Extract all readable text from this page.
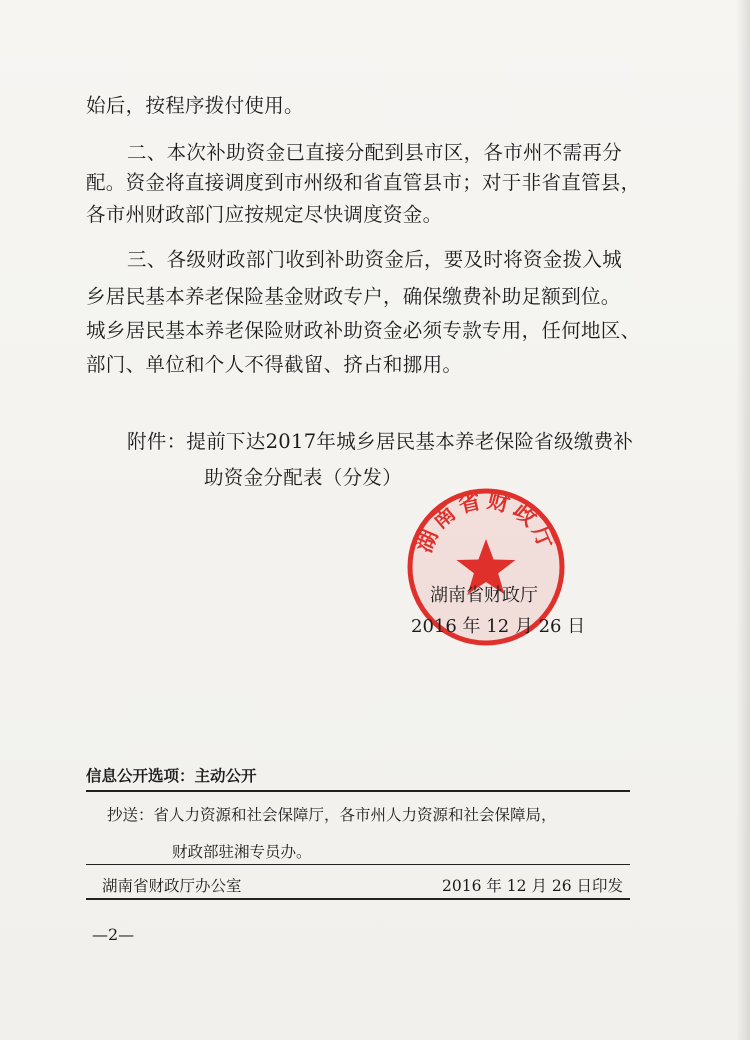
始后，按程序拨付使用。
二、本次补助资金已直接分配到县市区，各市州不需再分
配。资金将直接调度到市州级和省直管县市；对于非省直管县，
各市州财政部门应按规定尽快调度资金。
三、各级财政部门收到补助资金后，要及时将资金拨入城
乡居民基本养老保险基金财政专户，确保缴费补助足额到位。
城乡居民基本养老保险财政补助资金必须专款专用，任何地区、
部门、单位和个人不得截留、挤占和挪用。
附件：提前下达2017年城乡居民基本养老保险省级缴费补
助资金分配表（分发）
湖南省财政厅
湖南省财政厅
2016 年 12 月 26 日
信息公开选项：主动公开
抄送：省人力资源和社会保障厅，各市州人力资源和社会保障局，
财政部驻湘专员办。
湖南省财政厅办公室	2016 年 12 月 26 日印发
—2—
